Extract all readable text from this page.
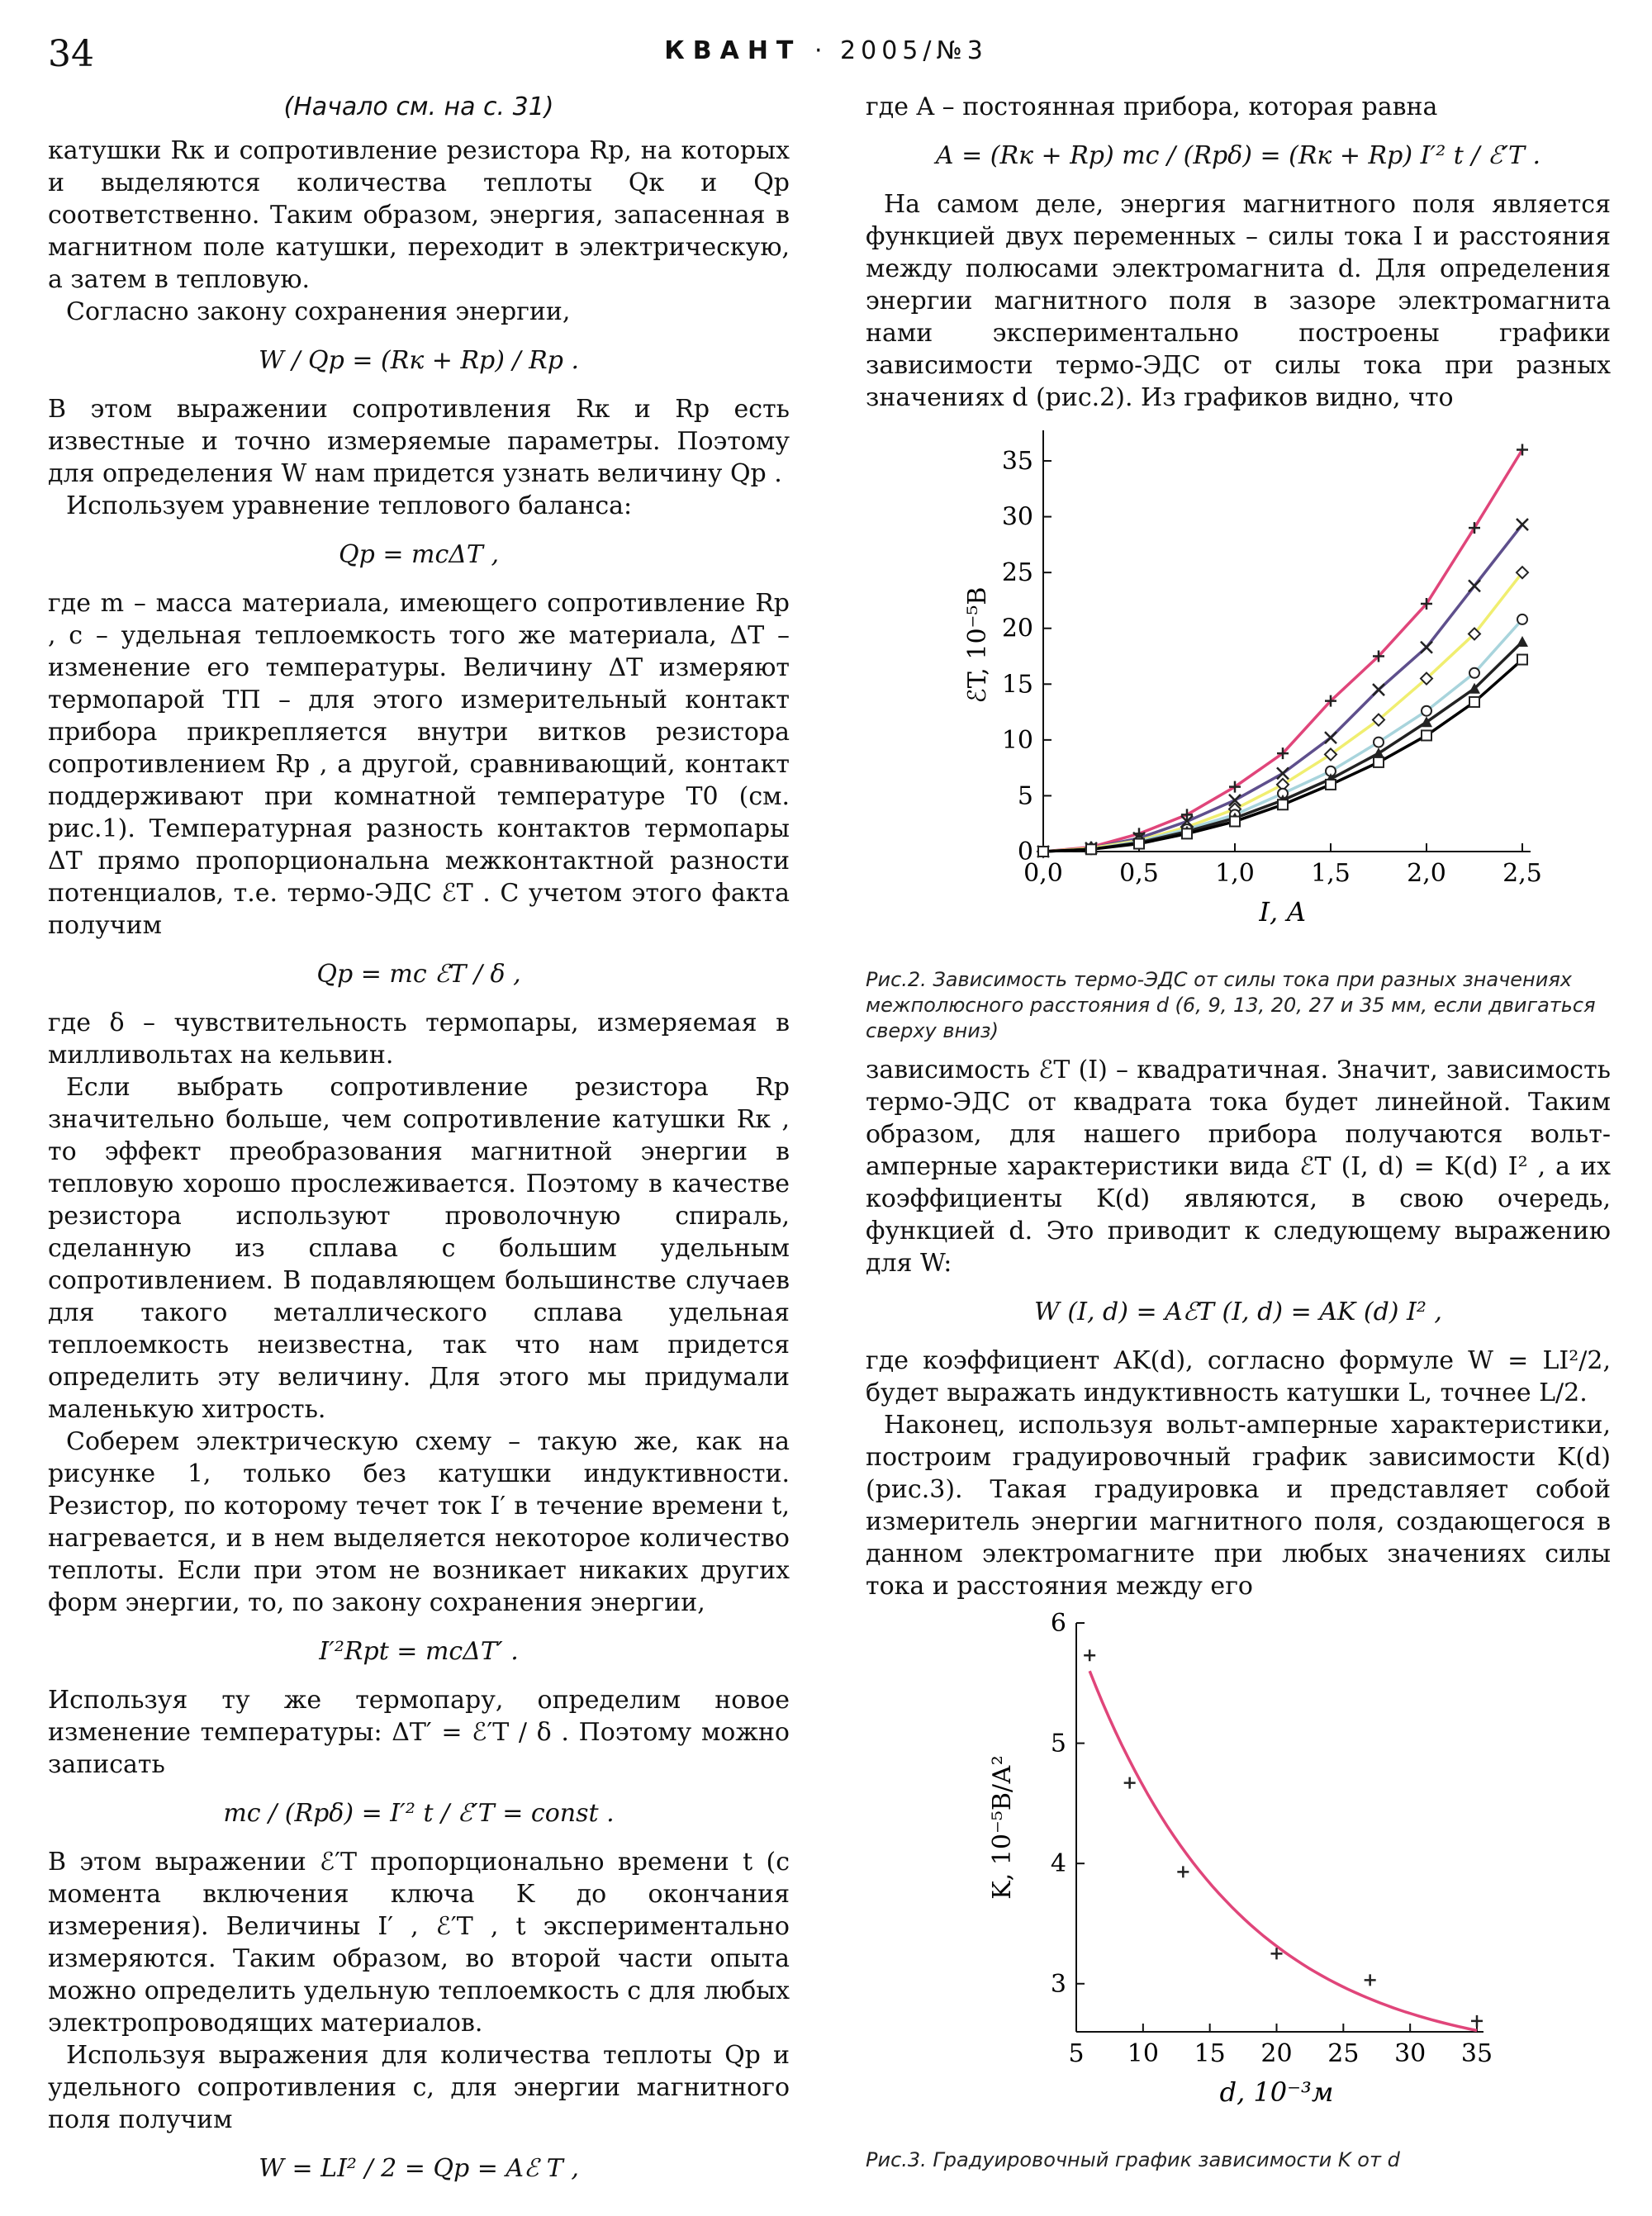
34	КВАНТ · 2005/№3

(Начало см. на с. 31)

катушки Rк и сопротивление резистора Rр, на которых и выделяются количества теплоты Qк и Qр соответственно. Таким образом, энергия, запасенная в магнитном поле катушки, переходит в электрическую, а затем в тепловую.

Согласно закону сохранения энергии,

W / Qр = (Rк + Rр) / Rр .

В этом выражении сопротивления Rк и Rр есть известные и точно измеряемые параметры. Поэтому для определения W нам придется узнать величину Qр .

Используем уравнение теплового баланса:

Qр = mcΔT ,

где m – масса материала, имеющего сопротивление Rр , c – удельная теплоемкость того же материала, ΔT – изменение его температуры. Величину ΔT измеряют термопарой ТП – для этого измерительный контакт прибора прикрепляется внутри витков резистора сопротивлением Rр , а другой, сравнивающий, контакт поддерживают при комнатной температуре T0 (см. рис.1). Температурная разность контактов термопары ΔT прямо пропорциональна межконтактной разности потенциалов, т.е. термо-ЭДС ℰT . С учетом этого факта получим

Qр = mc ℰT / δ ,

где δ – чувствительность термопары, измеряемая в милливольтах на кельвин.

Если выбрать сопротивление резистора Rр значительно больше, чем сопротивление катушки Rк , то эффект преобразования магнитной энергии в тепловую хорошо прослеживается. Поэтому в качестве резистора используют проволочную спираль, сделанную из сплава с большим удельным сопротивлением. В подавляющем большинстве случаев для такого металлического сплава удельная теплоемкость неизвестна, так что нам придется определить эту величину. Для этого мы придумали маленькую хитрость.

Соберем электрическую схему – такую же, как на рисунке 1, только без катушки индуктивности. Резистор, по которому течет ток I′ в течение времени t, нагревается, и в нем выделяется некоторое количество теплоты. Если при этом не возникает никаких других форм энергии, то, по закону сохранения энергии,

I′²Rрt = mcΔT′ .

Используя ту же термопару, определим новое изменение температуры: ΔT′ = ℰ′T / δ . Поэтому можно записать

mc / (Rрδ) = I′² t / ℰ′T = const .

В этом выражении ℰ′T пропорционально времени t (с момента включения ключа K до окончания измерения). Величины I′ , ℰ′T , t экспериментально измеряются. Таким образом, во второй части опыта можно определить удельную теплоемкость c для любых электропроводящих материалов.

Используя выражения для количества теплоты Qр и удельного сопротивления c, для энергии магнитного поля получим

W = LI² / 2 = Qр = Aℰ T ,

где A – постоянная прибора, которая равна

A = (Rк + Rр) mc / (Rрδ) = (Rк + Rр) I′² t / ℰ′T .

На самом деле, энергия магнитного поля является функцией двух переменных – силы тока I и расстояния между полюсами электромагнита d. Для определения энергии магнитного поля в зазоре электромагнита нами экспериментально построены графики зависимости термо-ЭДС от силы тока при разных значениях d (рис.2). Из графиков видно, что

0,0 0,5 1,0 1,5 2,0 2,5
0
5
10
15
20
25
30
35
I, А
ℰT, 10⁻⁵В

Рис.2. Зависимость термо-ЭДС от силы тока при разных значениях межполюсного расстояния d (6, 9, 13, 20, 27 и 35 мм, если двигаться сверху вниз)

зависимость ℰT (I) – квадратичная. Значит, зависимость термо-ЭДС от квадрата тока будет линейной. Таким образом, для нашего прибора получаются вольт-амперные характеристики вида ℰT (I, d) = K(d) I² , а их коэффициенты K(d) являются, в свою очередь, функцией d. Это приводит к следующему выражению для W:

W (I, d) = AℰT (I, d) = AK (d) I² ,

где коэффициент AK(d), согласно формуле W = LI²/2, будет выражать индуктивность катушки L, точнее L/2.

Наконец, используя вольт-амперные характеристики, построим градуировочный график зависимости K(d) (рис.3). Такая градуировка и представляет собой измеритель энергии магнитного поля, создающегося в данном электромагните при любых значениях силы тока и расстояния между его

5 10 15 20 25 30 35
3
4
5
6
d, 10⁻³м
K, 10⁻⁵В/А²

Рис.3. Градуировочный график зависимости K от d
